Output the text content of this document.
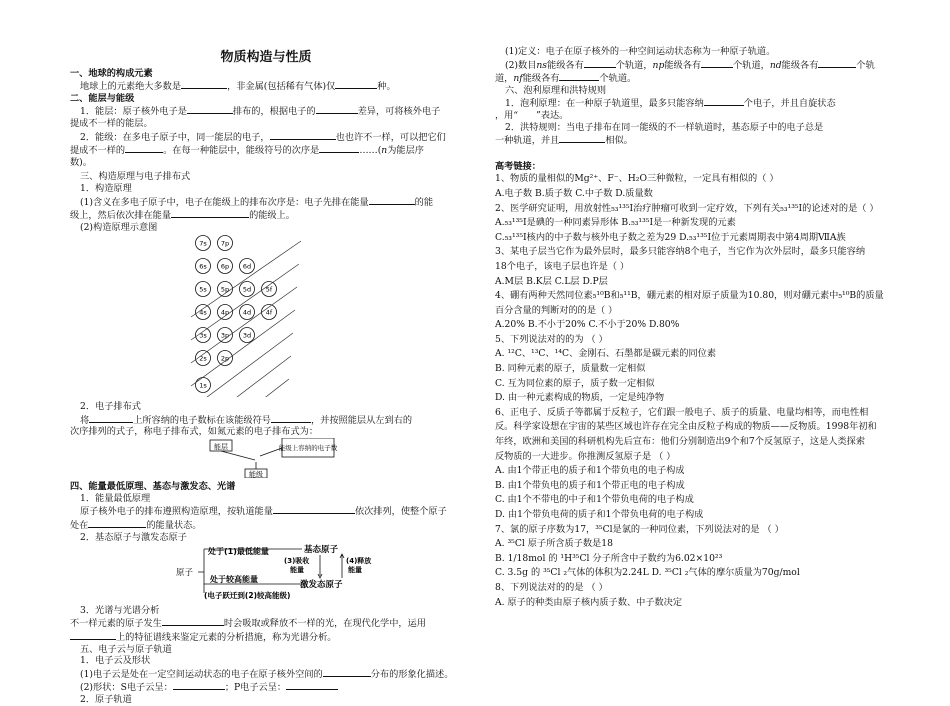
物质构造与性质

一、地球的构成元素

地球上的元素绝大多数是	，非金属(包括稀有气体)仅	种。

二、能层与能级

1．能层：原子核外电子是	排布的，根据电子的	差异，可将核外电子

提成不一样的能层。

2．能级：在多电子原子中，同一能层的电子，	也也许不一样，可以把它们

提成不一样的	。在每一种能层中，能级符号的次序是	……(n为能层序

数)。

三、构造原理与电子排布式

1．构造原理

(1)含义在多电子原子中，电子在能级上的排布次序是：电子先排在能量	的能

级上，然后依次排在能量	的能级上。

(2)构造原理示意图

7s 7p
6s 6p 6d
5s 5p 5d 5f
4s 4p 4d 4f
3s 3p 3d
2s 2p
1s

2．电子排布式

将	上所容纳的电子数标在该能级符号	，并按照能层从左到右的

次序排列的式子，称电子排布式，如氮元素的电子排布式为：

能层	能级上容纳的电子数
能级

四、能量最低原理、基态与激发态、光谱

1．能量最低原理

原子核外电子的排布遵照构造原理，按轨道能量	依次排列，使整个原子

处在	的能量状态。

2．基态原子与激发态原子

原子
处于(1)最低能量
处于较高能量
基态原子
激发态原子
(3)吸收
能量
(4)释放
能量
(电子跃迁到(2)较高能级)

3．光谱与光谱分析

不一样元素的原子发生	时会吸取或释放不一样的光，在现代化学中，运用

上的特征谱线来鉴定元素的分析措施，称为光谱分析。

五、电子云与原子轨道

1．电子云及形状

(1)电子云是处在一定空间运动状态的电子在原子核外空间的	分布的形象化描述。

(2)形状：S电子云呈：	；P电子云呈：

2．原子轨道

(1)定义：电子在原子核外的一种空间运动状态称为一种原子轨道。

(2)数目ns能级各有	个轨道，np能级各有	个轨道，nd能级各有	个轨

道，nf能级各有	个轨道。

六、泡利原理和洪特规则

1．泡利原理：在一种原子轨道里，最多只能容纳	个电子，并且自旋状态

，用“ ”表达。

2．洪特规则：当电子排布在同一能级的不一样轨道时，基态原子中的电子总是

一种轨道，并且	相似。

高考链接：

1、物质的量相似的Mg²⁺、F⁻、H₂O三种微粒，一定具有相似的（ ）

A.电子数 B.质子数 C.中子数 D.质量数

2、医学研究证明，用放射性₅₃¹³⁵I治疗肿瘤可收到一定疗效，下列有关₅₃¹³⁵I的论述对的是（ ）

A.₅₃¹³⁵I是碘的一种同素异形体 B.₅₃¹³⁵I是一种新发现的元素

C.₅₃¹³⁵I核内的中子数与核外电子数之差为29 D.₅₃¹³⁵I位于元素周期表中第4周期ⅦA族

3、某电子层当它作为最外层时，最多只能容纳8个电子，当它作为次外层时，最多只能容纳

18个电子，该电子层也许是（ ）

A.M层 B.K层 C.L层 D.P层

4、硼有两种天然同位素₅¹⁰B和₅¹¹B，硼元素的相对原子质量为10.80，则对硼元素中₅¹⁰B的质量

百分含量的判断对的的是（ ）

A.20% B.不小于20% C.不小于20% D.80%

5、下列说法对的的为 （ ）

A. ¹²C、¹³C、¹⁴C、金刚石、石墨都是碳元素的同位素

B. 同种元素的原子，质量数一定相似

C. 互为同位素的原子，质子数一定相似

D. 由一种元素构成的物质，一定是纯净物

6、正电子、反质子等都属于反粒子，它们跟一般电子、质子的质量、电量均相等，而电性相

反。科学家设想在宇宙的某些区域也许存在完全由反粒子构成的物质——反物质。1998年初和

年终，欧洲和美国的科研机构先后宣布：他们分别制造出9个和7个反氢原子，这是人类探索

反物质的一大进步。你推测反氢原子是 （ ）

A. 由1个带正电的质子和1个带负电的电子构成

B. 由1个带负电的质子和1个带正电的电子构成

C. 由1个不带电的中子和1个带负电荷的电子构成

D. 由1个带负电荷的质子和1个带负电荷的电子构成

7、氯的原子序数为17，³⁵Cl是氯的一种同位素，下列说法对的是 （ ）

A. ³⁵Cl 原子所含质子数是18

B. 1/18mol 的 ¹H³⁵Cl 分子所含中子数约为6.02×10²³

C. 3.5g 的 ³⁵Cl ₂气体的体积为2.24L D. ³⁵Cl ₂气体的摩尔质量为70g/mol

8、下列说法对的的是 （ ）

A. 原子的种类由原子核内质子数、中子数决定
